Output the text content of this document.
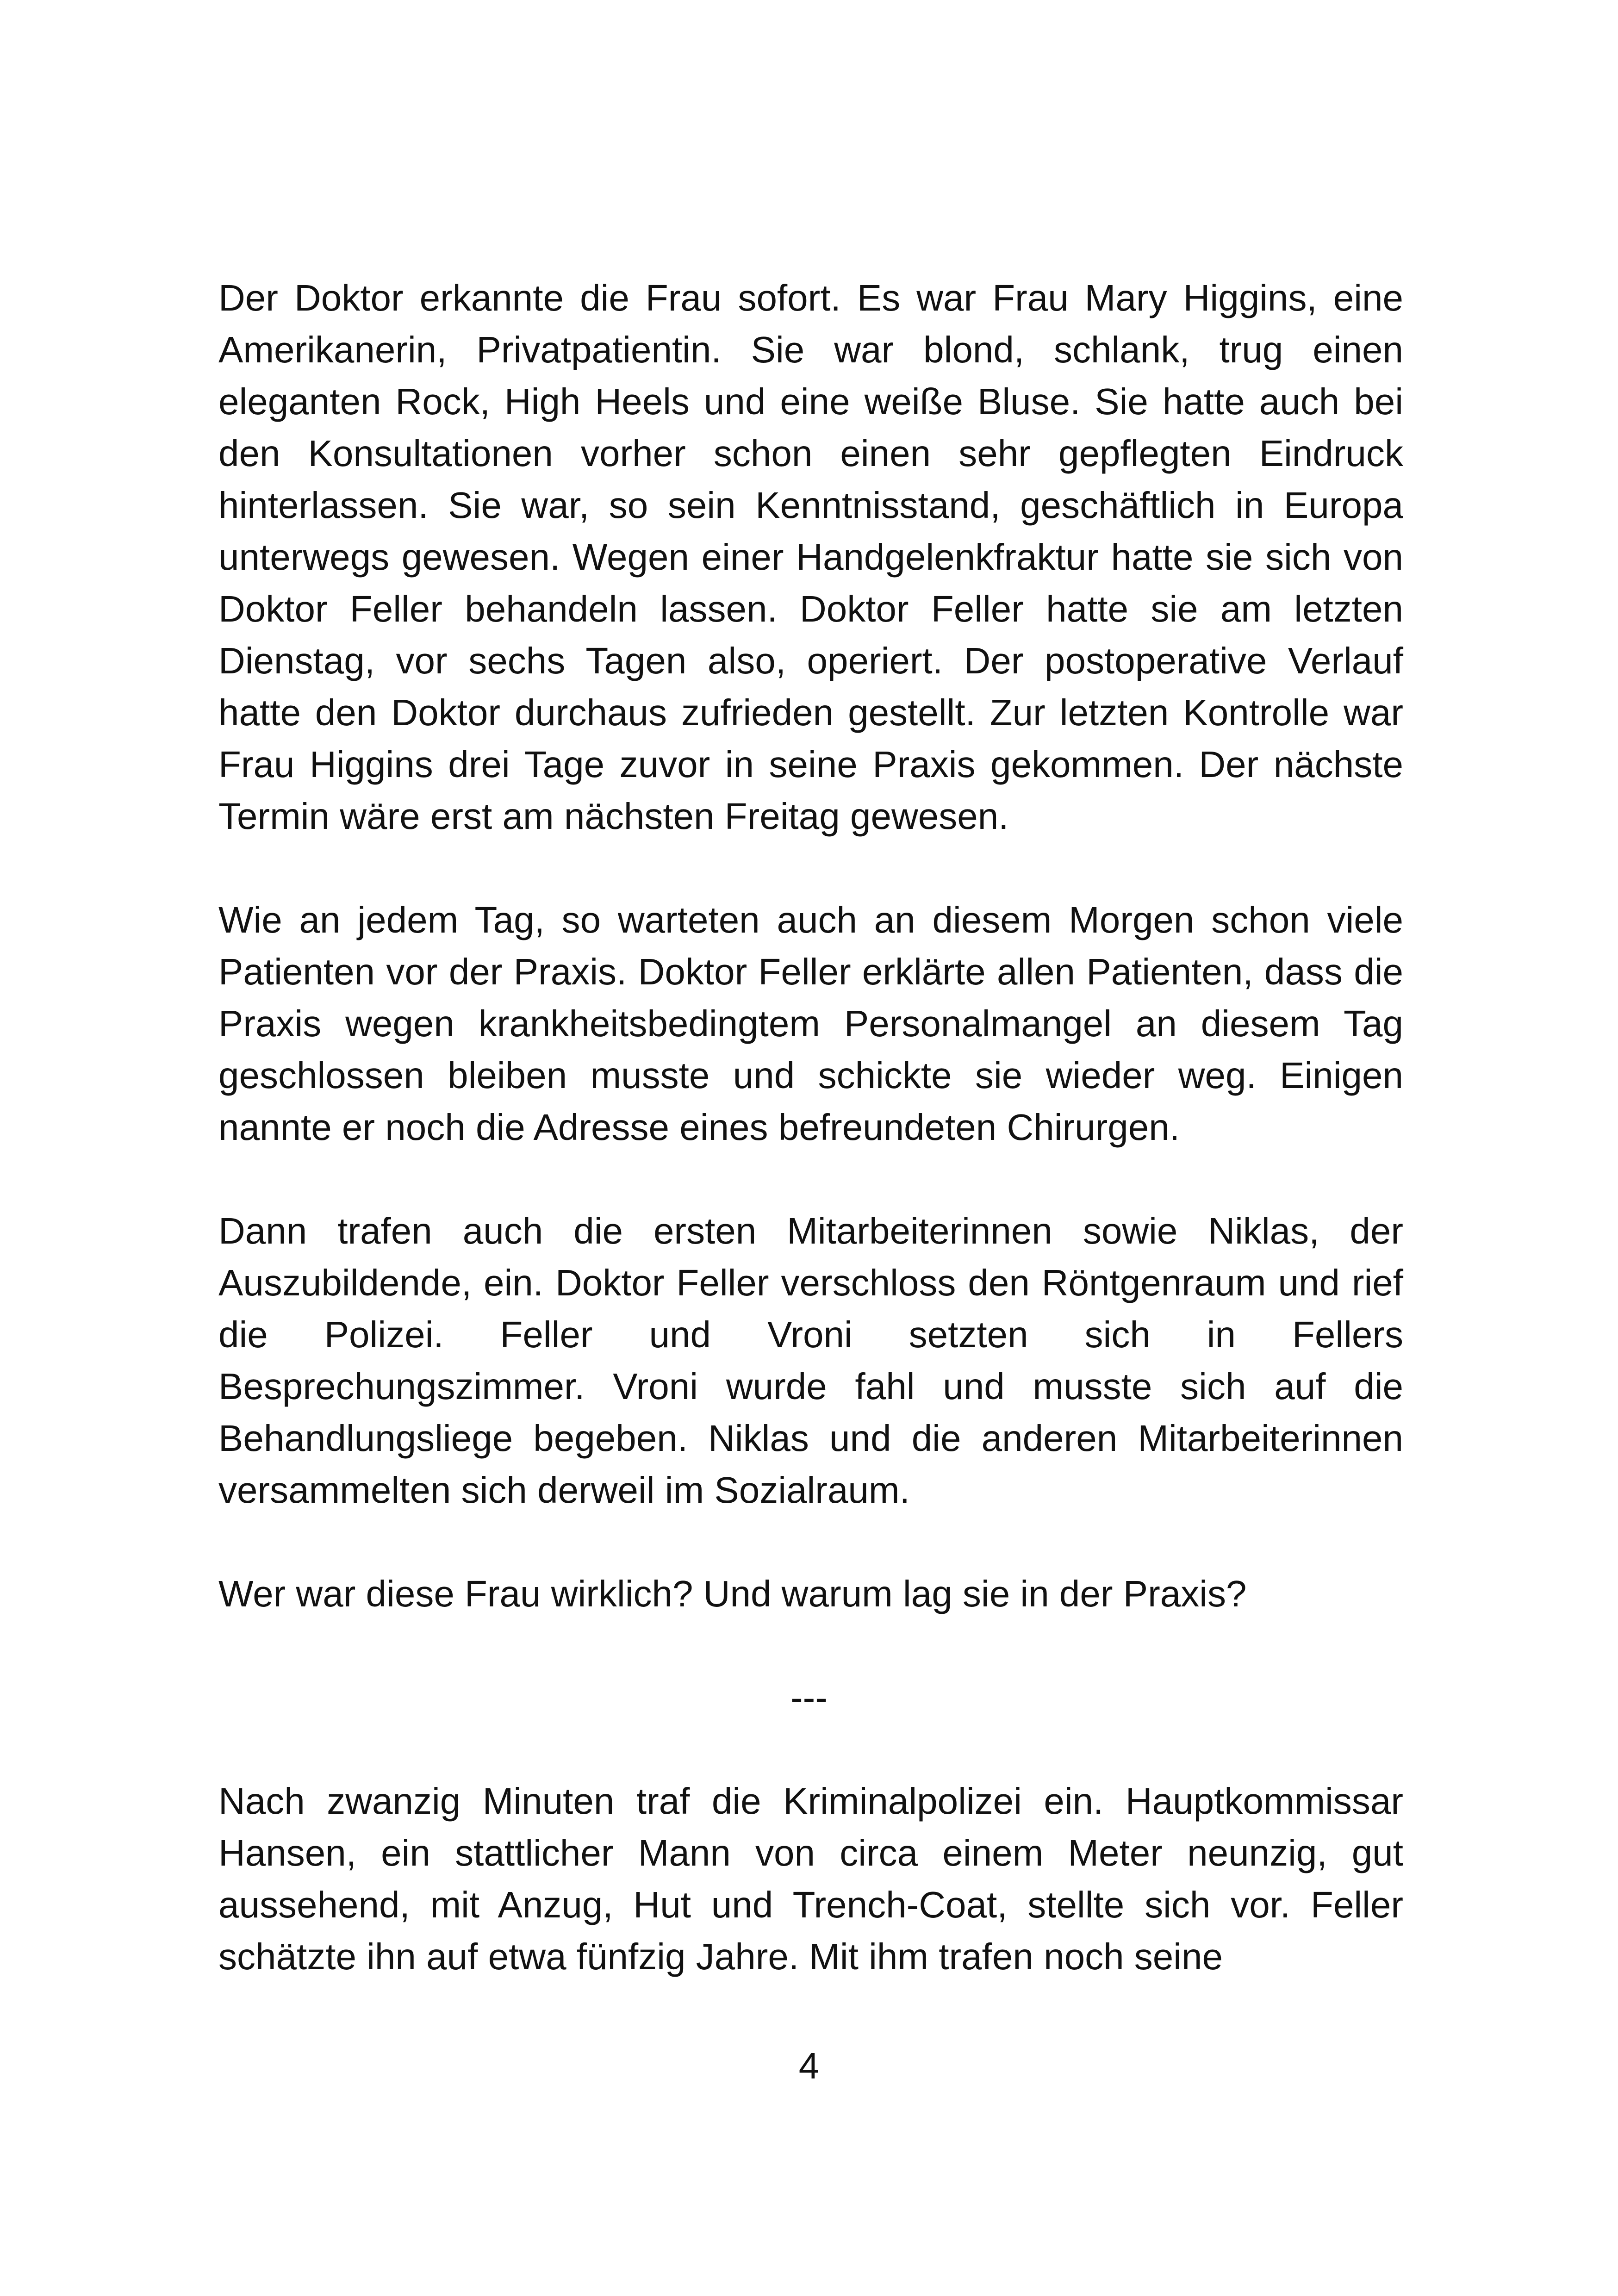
Der Doktor erkannte die Frau sofort. Es war Frau Mary Higgins, eine Amerikanerin, Privatpatientin. Sie war blond, schlank, trug einen eleganten Rock, High Heels und eine weiße Bluse. Sie hatte auch bei den Konsultationen vorher schon einen sehr gepflegten Eindruck hinterlassen. Sie war, so sein Kenntnisstand, geschäftlich in Europa unterwegs gewesen. Wegen einer Handgelenkfraktur hatte sie sich von Doktor Feller behandeln lassen. Doktor Feller hatte sie am letzten Dienstag, vor sechs Tagen also, operiert. Der postoperative Verlauf hatte den Doktor durchaus zufrieden gestellt. Zur letzten Kontrolle war Frau Higgins drei Tage zuvor in seine Praxis gekommen. Der nächste Termin wäre erst am nächsten Freitag gewesen.

Wie an jedem Tag, so warteten auch an diesem Morgen schon viele Patienten vor der Praxis. Doktor Feller erklärte allen Patienten, dass die Praxis wegen krankheitsbedingtem Personalmangel an diesem Tag geschlossen bleiben musste und schickte sie wieder weg. Einigen nannte er noch die Adresse eines befreundeten Chirurgen.

Dann trafen auch die ersten Mitarbeiterinnen sowie Niklas, der Auszubildende, ein. Doktor Feller verschloss den Röntgenraum und rief die Polizei. Feller und Vroni setzten sich in Fellers Besprechungszimmer. Vroni wurde fahl und musste sich auf die Behandlungsliege begeben. Niklas und die anderen Mitarbeiterinnen versammelten sich derweil im Sozialraum.

Wer war diese Frau wirklich? Und warum lag sie in der Praxis?

---

Nach zwanzig Minuten traf die Kriminalpolizei ein. Hauptkommissar Hansen, ein stattlicher Mann von circa einem Meter neunzig, gut aussehend, mit Anzug, Hut und Trench-Coat, stellte sich vor. Feller schätzte ihn auf etwa fünfzig Jahre. Mit ihm trafen noch seine

4
